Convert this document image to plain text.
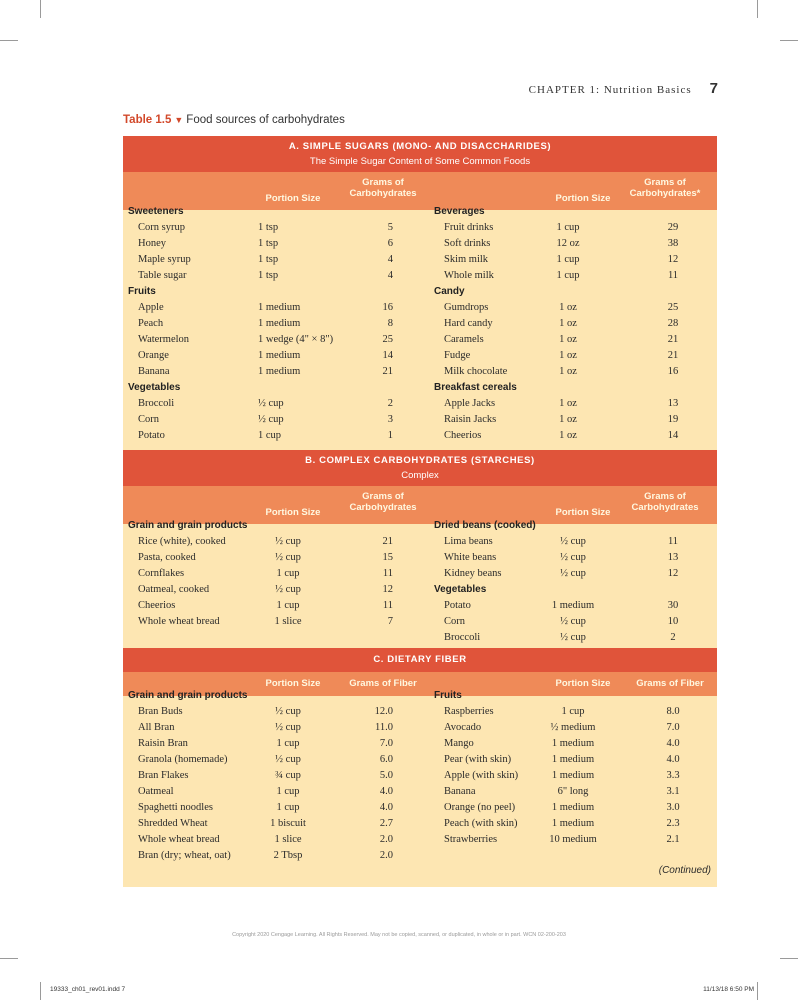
CHAPTER 1: Nutrition Basics 7
Table 1.5 ▼ Food sources of carbohydrates
(Continued)
A. SIMPLE SUGARS (MONO- AND DISACCHARIDES)
The Simple Sugar Content of Some Common Foods
Portion Size
Grams of Carbohydrates	Portion Size
Grams of Carbohydrates*
Sweeteners
Corn syrup	1 tsp	5
Honey	1 tsp	6
Maple syrup	1 tsp	4
Table sugar	1 tsp	4
Fruits
Apple	1 medium	16
Peach	1 medium	8
Watermelon	1 wedge (4" × 8")	25
Orange	1 medium	14
Banana	1 medium	21
Vegetables
Broccoli	½ cup	2
Corn	½ cup	3
Potato	1 cup	1
Beverages
Fruit drinks	1 cup	29
Soft drinks	12 oz	38
Skim milk	1 cup	12
Whole milk	1 cup	11
Candy
Gumdrops	1 oz	25
Hard candy	1 oz	28
Caramels	1 oz	21
Fudge	1 oz	21
Milk chocolate	1 oz	16
Breakfast cereals
Apple Jacks	1 oz	13
Raisin Jacks	1 oz	19
Cheerios	1 oz	14
B. COMPLEX CARBOHYDRATES (STARCHES)
Complex
Portion Size
Grams of Carbohydrates	Portion Size
Grams of Carbohydrates
Grain and grain products
Rice (white), cooked	½ cup	21
Pasta, cooked	½ cup	15
Cornflakes	1 cup	11
Oatmeal, cooked	½ cup	12
Cheerios	1 cup	11
Whole wheat bread	1 slice	7
Dried beans (cooked)
Lima beans	½ cup	11
White beans	½ cup	13
Kidney beans	½ cup	12
Vegetables
Potato	1 medium	30
Corn	½ cup	10
Broccoli	½ cup	2
C. DIETARY FIBER
Portion Size	Grams of Fiber	Portion Size	Grams of Fiber
Grain and grain products
Bran Buds	½ cup	12.0
All Bran	½ cup	11.0
Raisin Bran	1 cup	7.0
Granola (homemade)	½ cup	6.0
Bran Flakes	¾ cup	5.0
Oatmeal	1 cup	4.0
Spaghetti noodles	1 cup	4.0
Shredded Wheat	1 biscuit	2.7
Whole wheat bread	1 slice	2.0
Bran (dry; wheat, oat)	2 Tbsp	2.0
Fruits
Raspberries	1 cup	8.0
Avocado	½ medium	7.0
Mango	1 medium	4.0
Pear (with skin)	1 medium	4.0
Apple (with skin)	1 medium	3.3
Banana	6" long	3.1
Orange (no peel)	1 medium	3.0
Peach (with skin)	1 medium	2.3
Strawberries	10 medium	2.1
Copyright 2020 Cengage Learning. All Rights Reserved. May not be copied, scanned, or duplicated, in whole or in part. WCN 02-200-203
19333_ch01_rev01.indd 7	11/13/18 6:50 PM
